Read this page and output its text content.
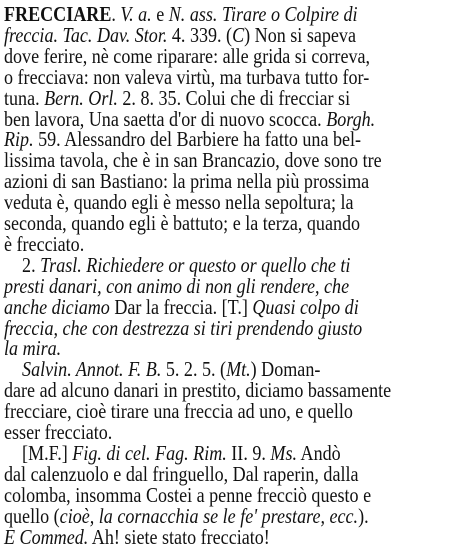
FRECCIARE. V. a. e N. ass. Tirare o Colpire di
freccia. Tac. Dav. Stor. 4. 339. (C) Non si sapeva
dove ferire, nè come riparare: alle grida si correva,
o frecciava: non valeva virtù, ma turbava tutto for-
tuna. Bern. Orl. 2. 8. 35. Colui che di frecciar si
ben lavora, Una saetta d'or di nuovo scocca. Borgh.
Rip. 59. Alessandro del Barbiere ha fatto una bel-
lissima tavola, che è in san Brancazio, dove sono tre
azioni di san Bastiano: la prima nella più prossima
veduta è, quando egli è messo nella sepoltura; la
seconda, quando egli è battuto; e la terza, quando
è frecciato.
2. Trasl. Richiedere or questo or quello che ti
presti danari, con animo di non gli rendere, che
anche diciamo Dar la freccia. [T.] Quasi colpo di
freccia, che con destrezza si tiri prendendo giusto
la mira.
Salvin. Annot. F. B. 5. 2. 5. (Mt.) Doman-
dare ad alcuno danari in prestito, diciamo bassamente
frecciare, cioè tirare una freccia ad uno, e quello
esser frecciato.
[M.F.] Fig. di cel. Fag. Rim. II. 9. Ms. Andò
dal calenzuolo e dal fringuello, Dal raperin, dalla
colomba, insomma Costei a penne frecciò questo e
quello (cioè, la cornacchia se le fe' prestare, ecc.).
E Commed. Ah! siete stato frecciato!
